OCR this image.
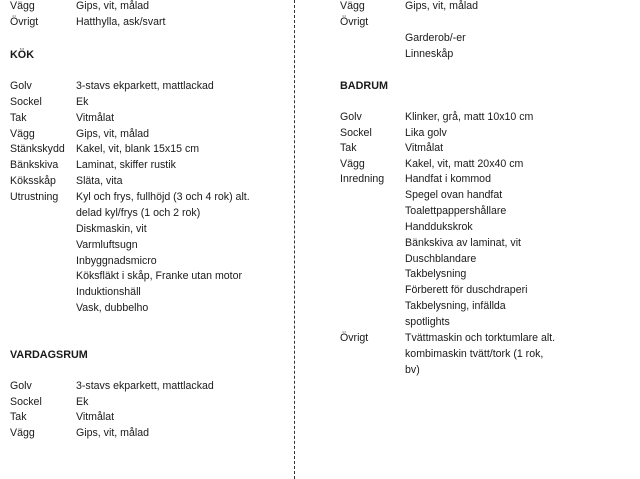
Vägg	Gips, vit, målad
Övrigt	Hatthylla, ask/svart
KÖK
Golv	3-stavs ekparkett, mattlackad
Sockel	Ek
Tak	Vitmålat
Vägg	Gips, vit, målad
Stänkskydd Kakel, vit, blank 15x15 cm
Bänkskiva Laminat, skiffer rustik
Köksskåp Släta, vita
Utrustning Kyl och frys, fullhöjd (3 och 4 rok) alt.
delad kyl/frys (1 och 2 rok)
Diskmaskin, vit
Varmluftsugn
Inbyggnadsmicro
Köksfläkt i skåp, Franke utan motor
Induktionshäll
Vask, dubbelho
VARDAGSRUM
Golv	3-stavs ekparkett, mattlackad
Sockel	Ek
Tak	Vitmålat
Vägg	Gips, vit, målad
Vägg	Gips, vit, målad
Övrigt
Garderob/-er
Linneskåp
BADRUM
Golv	Klinker, grå, matt 10x10 cm
Sockel	Lika golv
Tak	Vitmålat
Vägg	Kakel, vit, matt 20x40 cm
Inredning Handfat i kommod
Spegel ovan handfat
Toalettpappershållare
Handdukskrok
Bänkskiva av laminat, vit
Duschblandare
Takbelysning
Förberett för duschdraperi
Takbelysning, infällda
spotlights
Övrigt	Tvättmaskin och torktumlare alt.
kombimaskin tvätt/tork (1 rok,
bv)
